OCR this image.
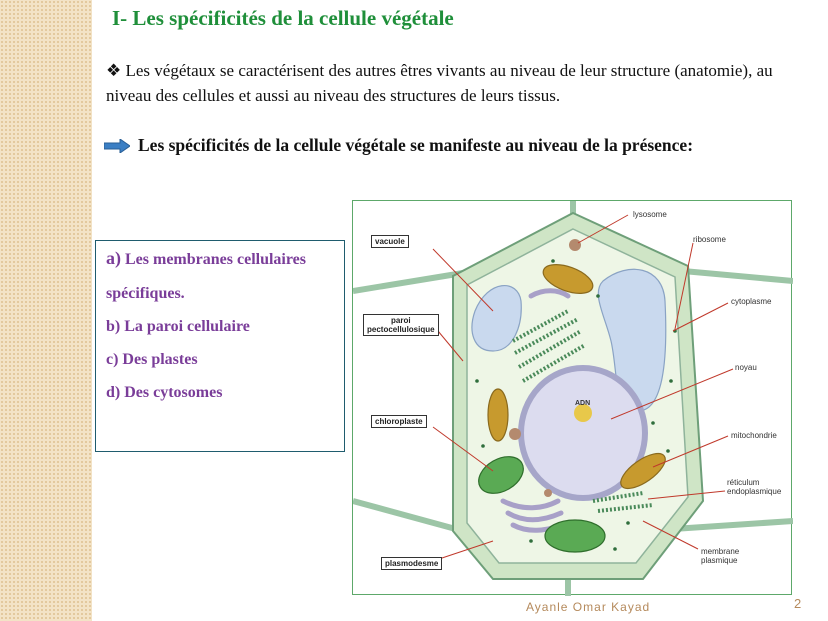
I- Les spécificités de la cellule végétale
❖ Les végétaux se caractérisent des autres êtres vivants au niveau de leur structure (anatomie), au niveau des cellules et aussi au niveau des structures de leurs tissus.
Les spécificités de la cellule végétale se manifeste au niveau de la présence:
a) Les membranes cellulaires
spécifiques.
b) La paroi cellulaire
c) Des plastes
d) Des cytosomes
ADN
vacuole
paroi
pectocellulosique
chloroplaste
plasmodesme
lysosome
ribosome
cytoplasme
noyau
mitochondrie
réticulum
endoplasmique
membrane
plasmique
Ayanle Omar Kayad	2
